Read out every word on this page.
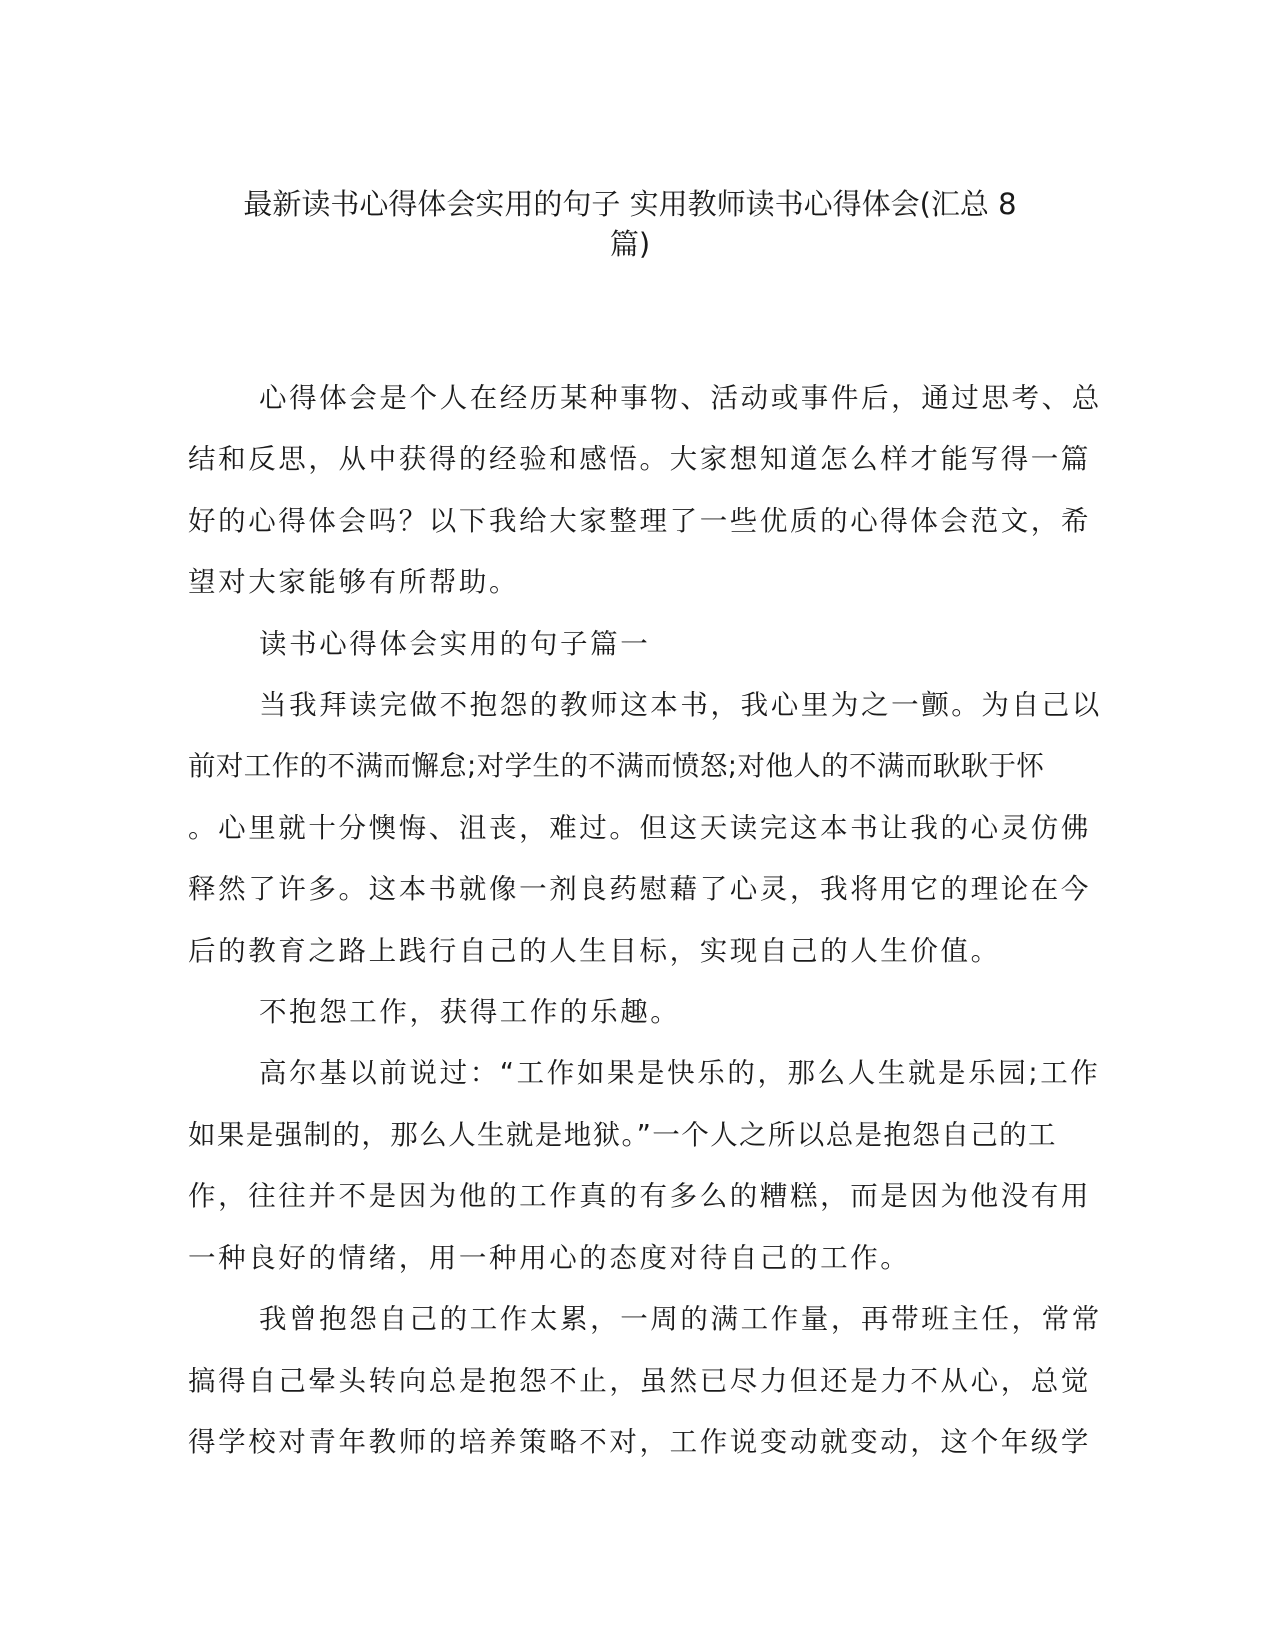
最新读书心得体会实用的句子 实用教师读书心得体会(汇总 8
篇)

心得体会是个人在经历某种事物、活动或事件后，通过思考、总
结和反思，从中获得的经验和感悟。大家想知道怎么样才能写得一篇
好的心得体会吗？以下我给大家整理了一些优质的心得体会范文，希
望对大家能够有所帮助。

读书心得体会实用的句子篇一

当我拜读完做不抱怨的教师这本书，我心里为之一颤。为自己以
前对工作的不满而懈怠;对学生的不满而愤怒;对他人的不满而耿耿于怀
。心里就十分懊悔、沮丧，难过。但这天读完这本书让我的心灵仿佛
释然了许多。这本书就像一剂良药慰藉了心灵，我将用它的理论在今
后的教育之路上践行自己的人生目标，实现自己的人生价值。

不抱怨工作，获得工作的乐趣。

高尔基以前说过：“工作如果是快乐的，那么人生就是乐园;工作
如果是强制的，那么人生就是地狱。”一个人之所以总是抱怨自己的工
作，往往并不是因为他的工作真的有多么的糟糕，而是因为他没有用
一种良好的情绪，用一种用心的态度对待自己的工作。

我曾抱怨自己的工作太累，一周的满工作量，再带班主任，常常
搞得自己晕头转向总是抱怨不止，虽然已尽力但还是力不从心，总觉
得学校对青年教师的培养策略不对，工作说变动就变动，这个年级学
